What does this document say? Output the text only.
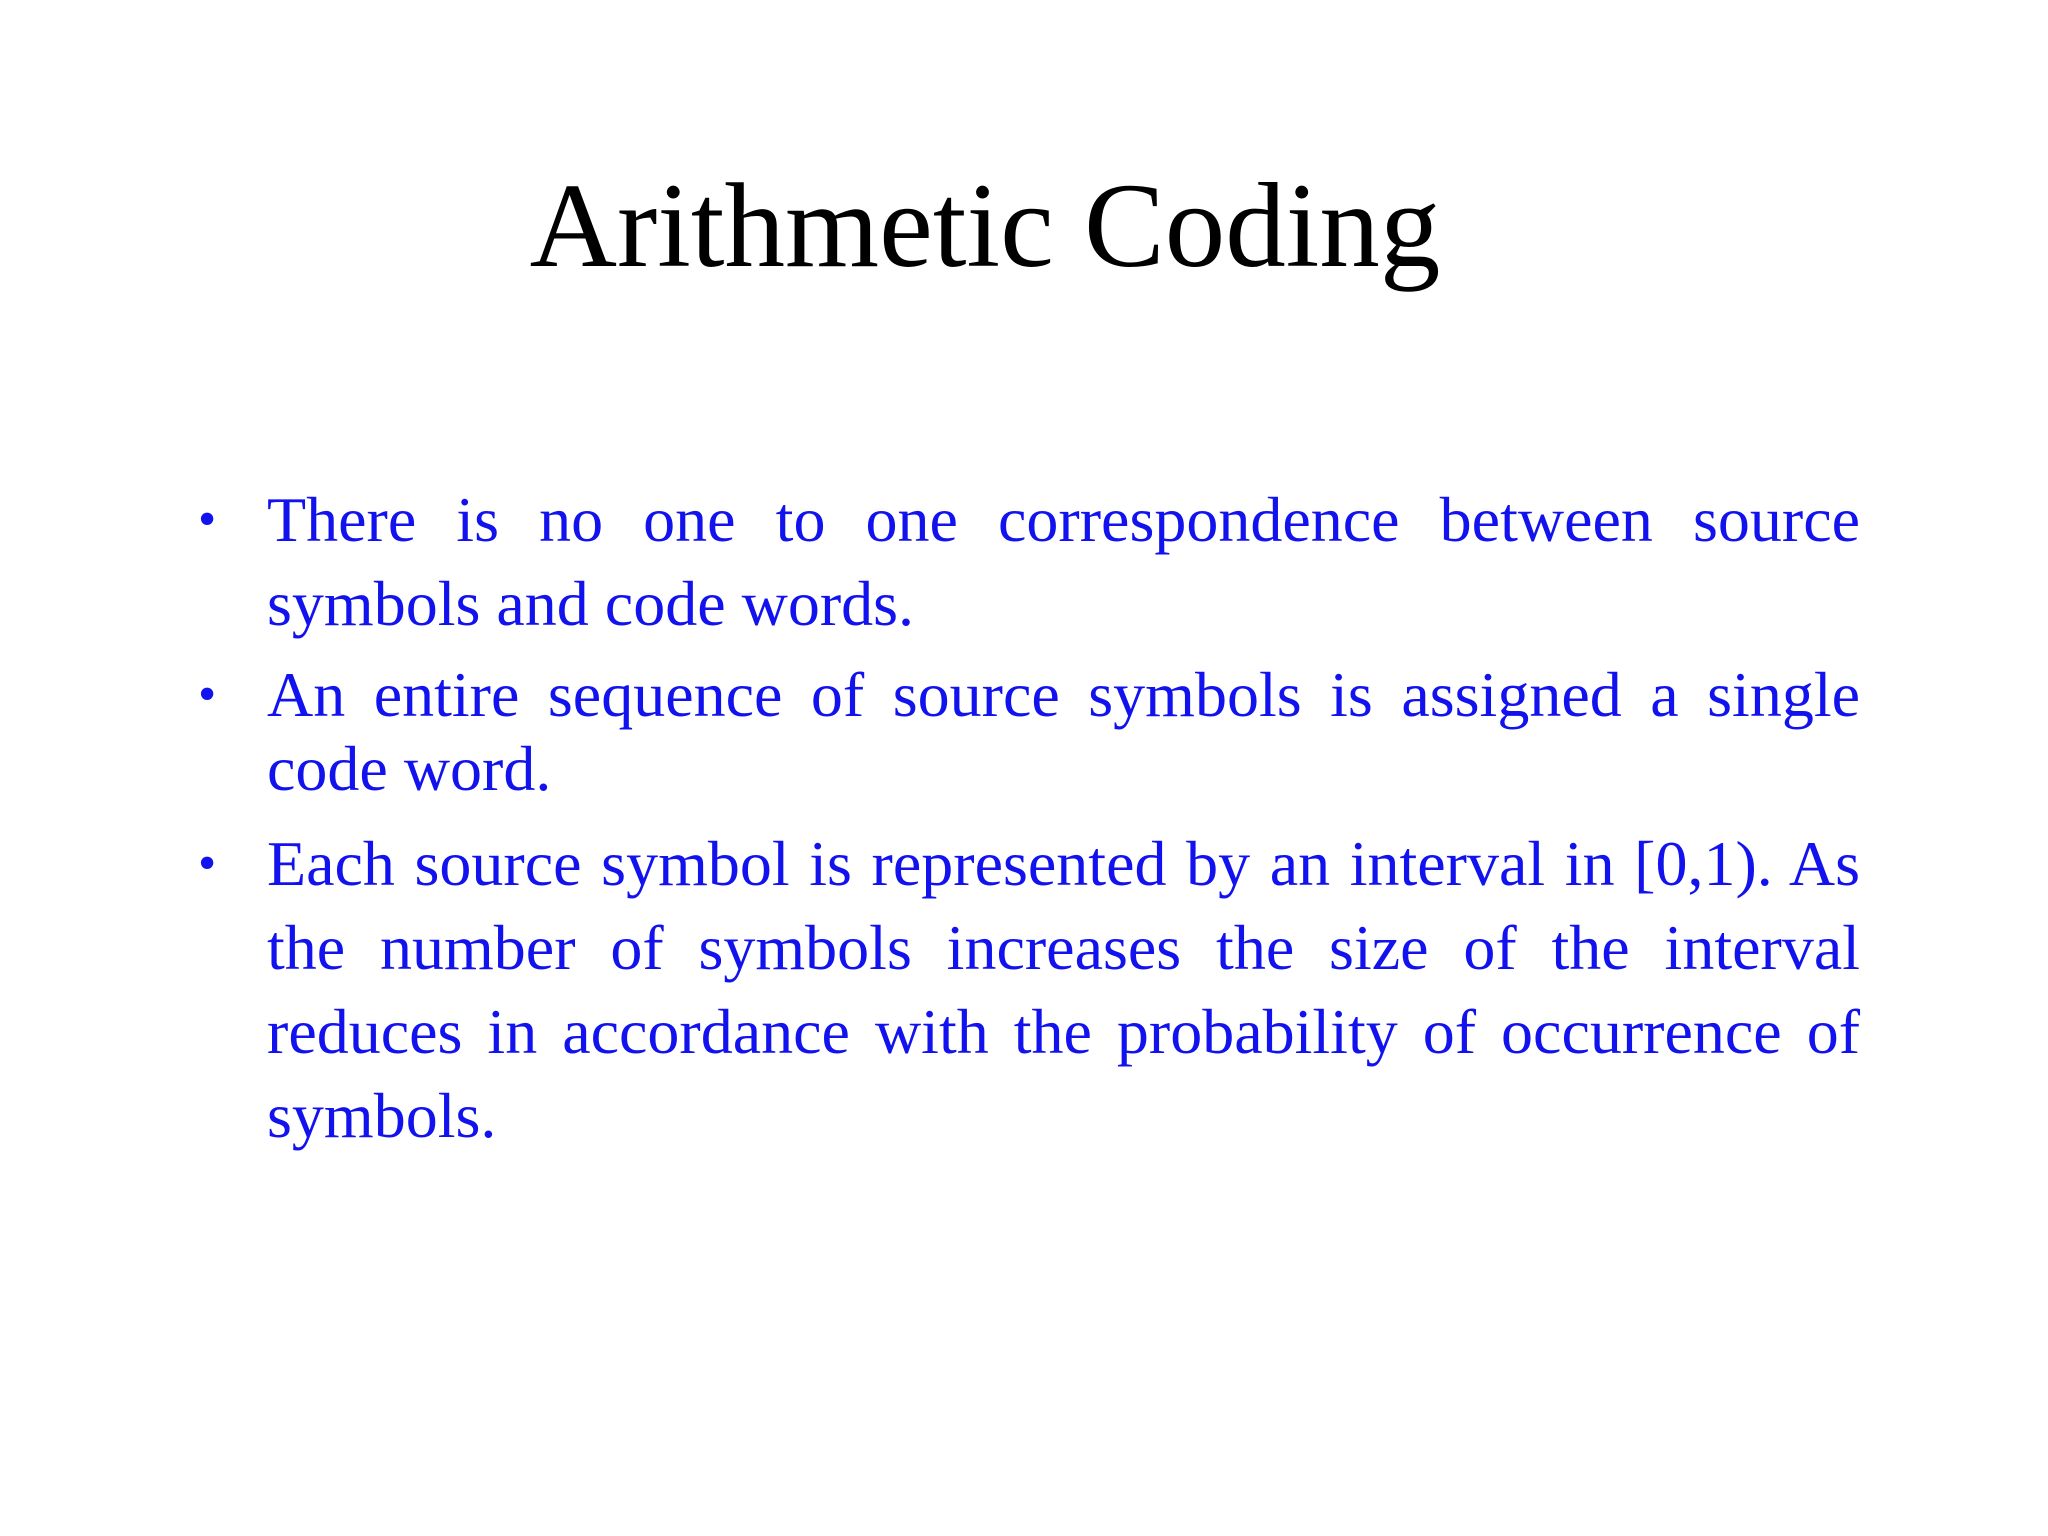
Arithmetic Coding
• There is no one to one correspondence between source symbols and code words.
• An entire sequence of source symbols is assigned a single code word.
• Each source symbol is represented by an interval in [0,1). As the number of symbols increases the size of the interval reduces in accordance with the probability of occurrence of symbols.
